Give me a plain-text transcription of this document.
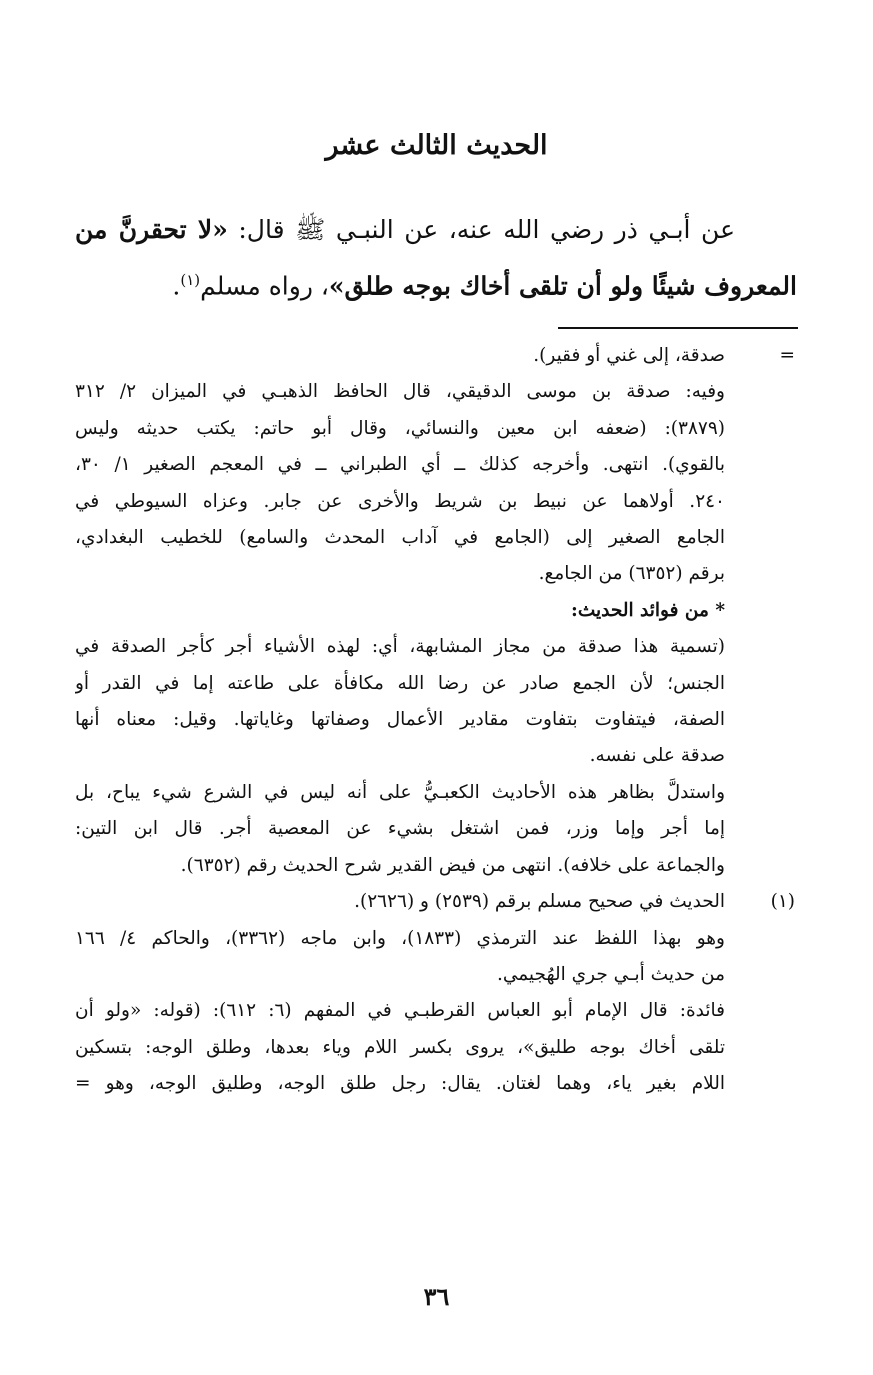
الحديث الثالث عشر
عن أبـي ذر رضي الله عنه، عن النبـي ﷺ قال: «لا تحقرنَّ من المعروف شيئًا ولو أن تلقى أخاك بوجه طلق»، رواه مسلم$^{(١)}$.
=
صدقة، إلى غني أو فقير).
وفيه: صدقة بن موسى الدقيقي، قال الحافظ الذهبـي في الميزان ٢/ ٣١٢
(٣٨٧٩): (ضعفه ابن معين والنسائي، وقال أبو حاتم: يكتب حديثه وليس
بالقوي). انتهى. وأخرجه كذلك ــ أي الطبراني ــ في المعجم الصغير ١/ ٣٠،
٢٤٠. أولاهما عن نبيط بن شريط والأخرى عن جابر. وعزاه السيوطي في
الجامع الصغير إلى (الجامع في آداب المحدث والسامع) للخطيب البغدادي،
برقم (٦٣٥٢) من الجامع.
* من فوائد الحديث:
(تسمية هذا صدقة من مجاز المشابهة، أي: لهذه الأشياء أجر كأجر الصدقة في
الجنس؛ لأن الجمع صادر عن رضا الله مكافأة على طاعته إما في القدر أو
الصفة، فيتفاوت بتفاوت مقادير الأعمال وصفاتها وغاياتها. وقيل: معناه أنها
صدقة على نفسه.
واستدلَّ بظاهر هذه الأحاديث الكعبـيُّ على أنه ليس في الشرع شيء يباح، بل
إما أجر وإما وزر، فمن اشتغل بشيء عن المعصية أجر. قال ابن التين:
والجماعة على خلافه). انتهى من فيض القدير شرح الحديث رقم (٦٣٥٢).
(١)
الحديث في صحيح مسلم برقم (٢٥٣٩) و (٢٦٢٦).
وهو بهذا اللفظ عند الترمذي (١٨٣٣)، وابن ماجه (٣٣٦٢)، والحاكم ٤/ ١٦٦
من حديث أبـي جري الهُجيمي.
فائدة: قال الإمام أبو العباس القرطبـي في المفهم (٦: ٦١٢): (قوله: «ولو أن
تلقى أخاك بوجه طليق»، يروى بكسر اللام وياء بعدها، وطلق الوجه: بتسكين
اللام بغير ياء، وهما لغتان. يقال: رجل طلق الوجه، وطليق الوجه، وهو =
٣٦
